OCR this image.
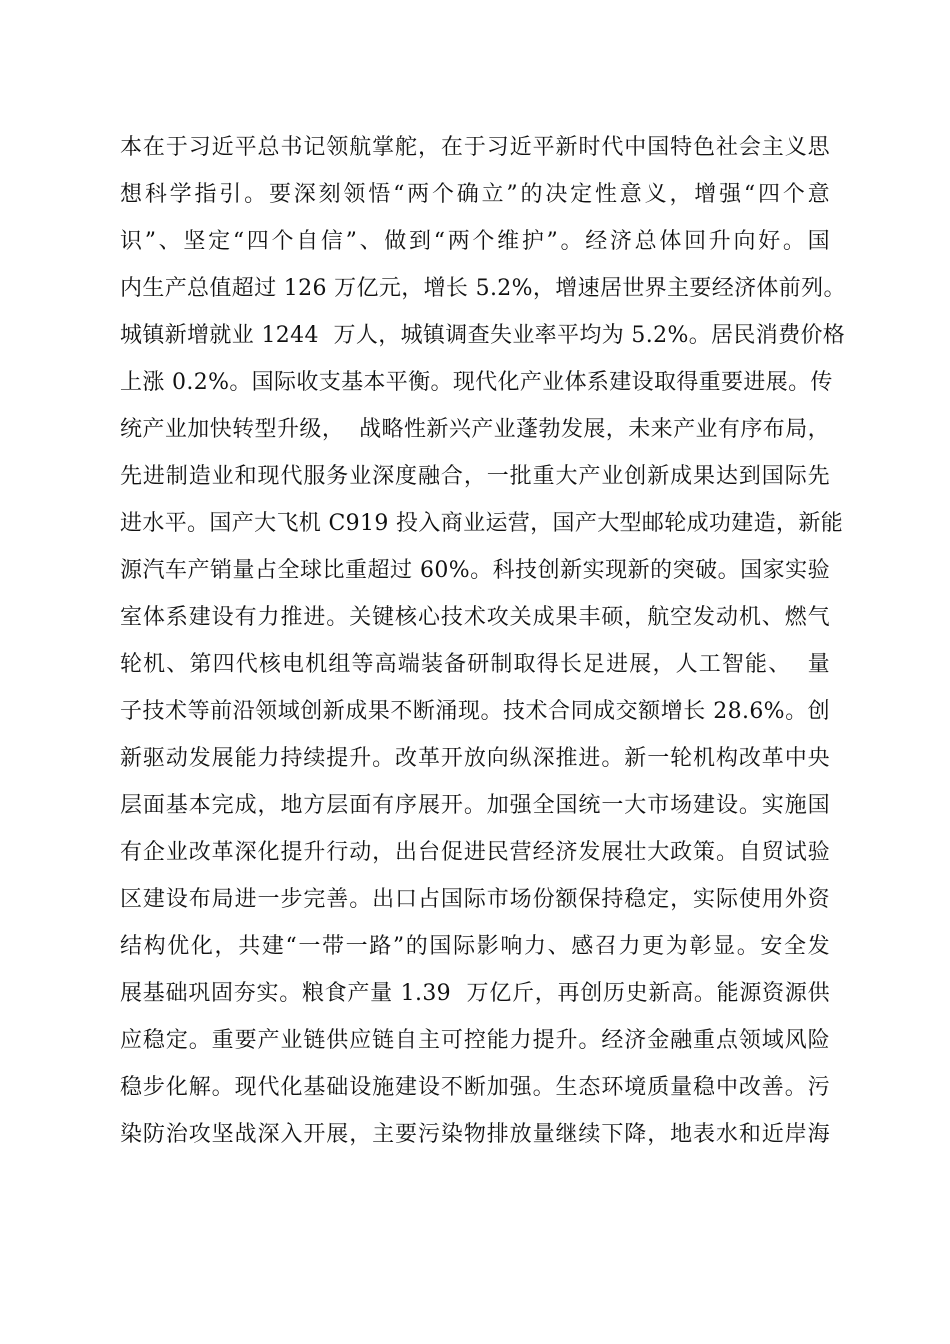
本在于习近平总书记领航掌舵，在于习近平新时代中国特色社会主义思
想科学指引。要深刻领悟“两个确立”的决定性意义，增强“四个意
识”、坚定“四个自信”、做到“两个维护”。经济总体回升向好。国
内生产总值超过 126 万亿元，增长 5.2%，增速居世界主要经济体前列。
城镇新增就业 1244  万人，城镇调查失业率平均为 5.2%。居民消费价格
上涨 0.2%。国际收支基本平衡。现代化产业体系建设取得重要进展。传
统产业加快转型升级，  战略性新兴产业蓬勃发展，未来产业有序布局，
先进制造业和现代服务业深度融合，一批重大产业创新成果达到国际先
进水平。国产大飞机 C919 投入商业运营，国产大型邮轮成功建造，新能
源汽车产销量占全球比重超过 60%。科技创新实现新的突破。国家实验
室体系建设有力推进。关键核心技术攻关成果丰硕，航空发动机、燃气
轮机、第四代核电机组等高端装备研制取得长足进展，人工智能、  量
子技术等前沿领域创新成果不断涌现。技术合同成交额增长 28.6%。创
新驱动发展能力持续提升。改革开放向纵深推进。新一轮机构改革中央
层面基本完成，地方层面有序展开。加强全国统一大市场建设。实施国
有企业改革深化提升行动，出台促进民营经济发展壮大政策。自贸试验
区建设布局进一步完善。出口占国际市场份额保持稳定，实际使用外资
结构优化，共建“一带一路”的国际影响力、感召力更为彰显。安全发
展基础巩固夯实。粮食产量 1.39  万亿斤，再创历史新高。能源资源供
应稳定。重要产业链供应链自主可控能力提升。经济金融重点领域风险
稳步化解。现代化基础设施建设不断加强。生态环境质量稳中改善。污
染防治攻坚战深入开展，主要污染物排放量继续下降，地表水和近岸海
